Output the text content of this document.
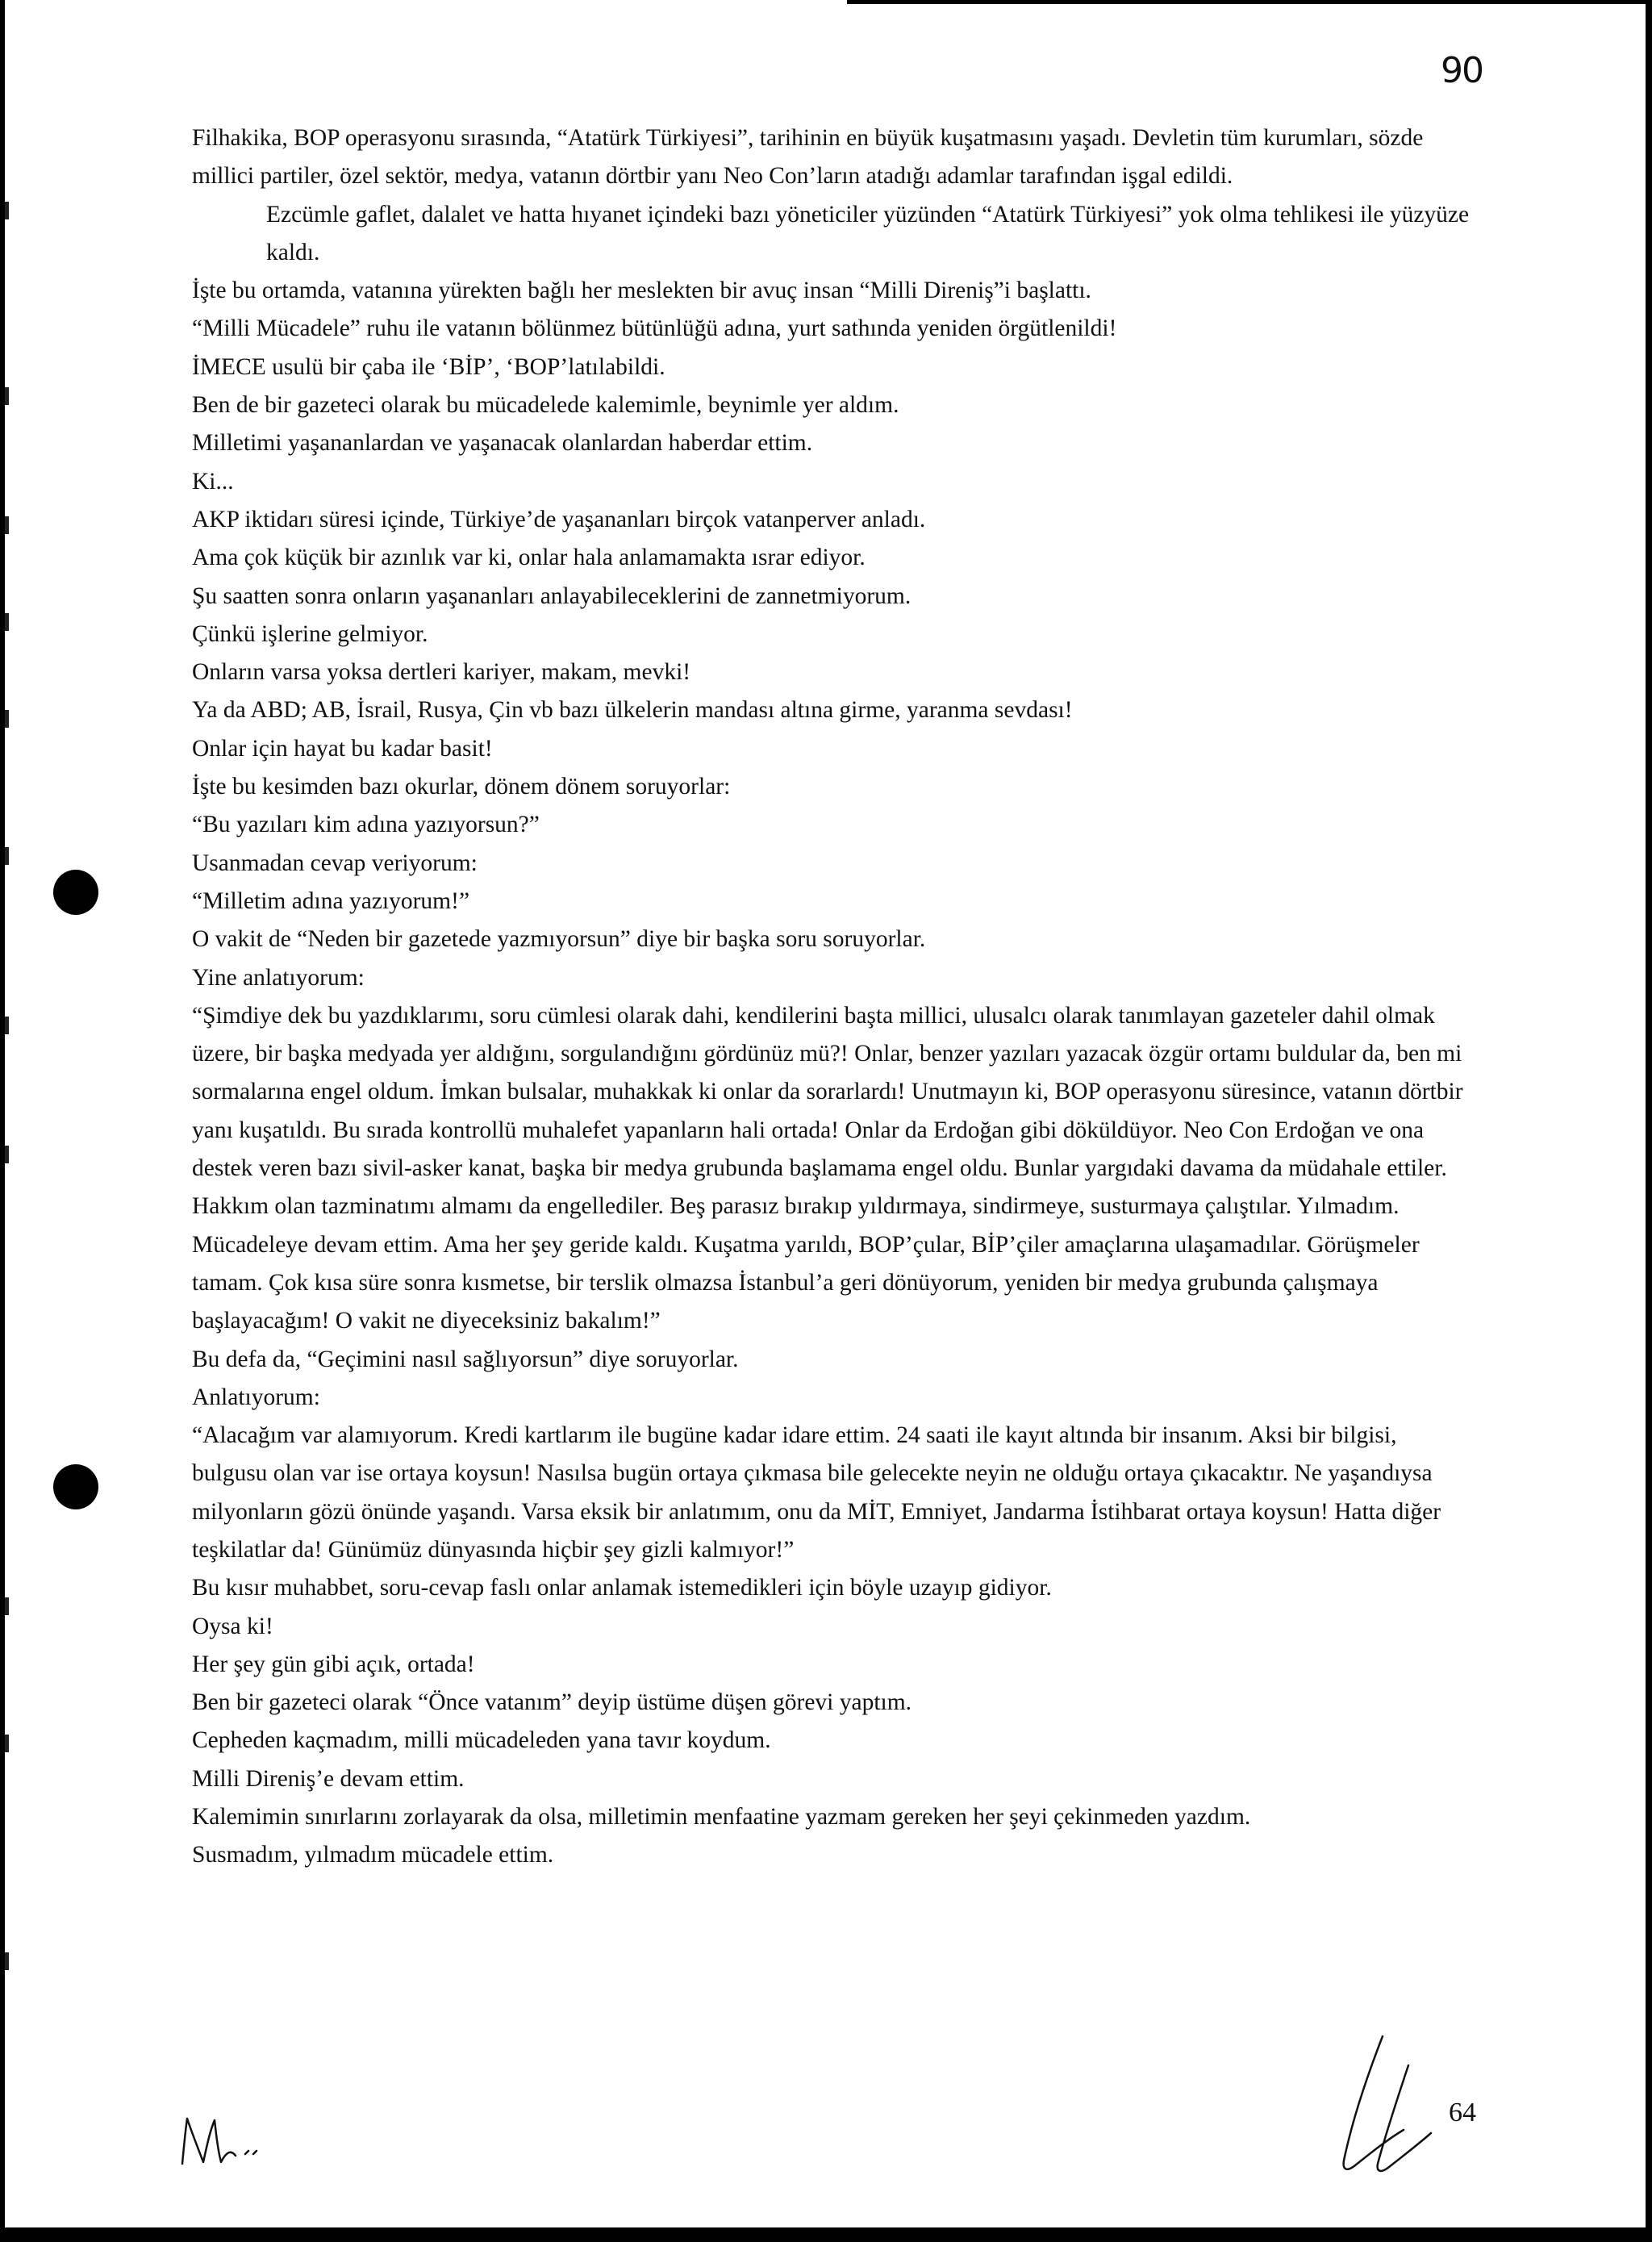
90

Filhakika, BOP operasyonu sırasında, “Atatürk Türkiyesi”, tarihinin en büyük kuşatmasını yaşadı. Devletin tüm kurumları, sözde millici partiler, özel sektör, medya, vatanın dörtbir yanı Neo Con’ların atadığı adamlar tarafından işgal edildi.

Ezcümle gaflet, dalalet ve hatta hıyanet içindeki bazı yöneticiler yüzünden “Atatürk Türkiyesi” yok olma tehlikesi ile yüzyüze kaldı.

İşte bu ortamda, vatanına yürekten bağlı her meslekten bir avuç insan “Milli Direniş”i başlattı.

“Milli Mücadele” ruhu ile vatanın bölünmez bütünlüğü adına, yurt sathında yeniden örgütlenildi!

İMECE usulü bir çaba ile ‘BİP’, ‘BOP’latılabildi.

Ben de bir gazeteci olarak bu mücadelede kalemimle, beynimle yer aldım.

Milletimi yaşananlardan ve yaşanacak olanlardan haberdar ettim.

Ki...

AKP iktidarı süresi içinde, Türkiye’de yaşananları birçok vatanperver anladı.

Ama çok küçük bir azınlık var ki, onlar hala anlamamakta ısrar ediyor.

Şu saatten sonra onların yaşananları anlayabileceklerini de zannetmiyorum.

Çünkü işlerine gelmiyor.

Onların varsa yoksa dertleri kariyer, makam, mevki!

Ya da ABD; AB, İsrail, Rusya, Çin vb bazı ülkelerin mandası altına girme, yaranma sevdası!

Onlar için hayat bu kadar basit!

İşte bu kesimden bazı okurlar, dönem dönem soruyorlar:

“Bu yazıları kim adına yazıyorsun?”

Usanmadan cevap veriyorum:

“Milletim adına yazıyorum!”

O vakit de “Neden bir gazetede yazmıyorsun” diye bir başka soru soruyorlar.

Yine anlatıyorum:

“Şimdiye dek bu yazdıklarımı, soru cümlesi olarak dahi, kendilerini başta millici, ulusalcı olarak tanımlayan gazeteler dahil olmak üzere, bir başka medyada yer aldığını, sorgulandığını gördünüz mü?! Onlar, benzer yazıları yazacak özgür ortamı buldular da, ben mi sormalarına engel oldum. İmkan bulsalar, muhakkak ki onlar da sorarlardı! Unutmayın ki, BOP operasyonu süresince, vatanın dörtbir yanı kuşatıldı. Bu sırada kontrollü muhalefet yapanların hali ortada! Onlar da Erdoğan gibi döküldüyor. Neo Con Erdoğan ve ona destek veren bazı sivil-asker kanat, başka bir medya grubunda başlamama engel oldu. Bunlar yargıdaki davama da müdahale ettiler. Hakkım olan tazminatımı almamı da engellediler. Beş parasız bırakıp yıldırmaya, sindirmeye, susturmaya çalıştılar. Yılmadım. Mücadeleye devam ettim. Ama her şey geride kaldı. Kuşatma yarıldı, BOP’çular, BİP’çiler amaçlarına ulaşamadılar. Görüşmeler tamam. Çok kısa süre sonra kısmetse, bir terslik olmazsa İstanbul’a geri dönüyorum, yeniden bir medya grubunda çalışmaya başlayacağım! O vakit ne diyeceksiniz bakalım!”

Bu defa da, “Geçimini nasıl sağlıyorsun” diye soruyorlar.

Anlatıyorum:

“Alacağım var alamıyorum. Kredi kartlarım ile bugüne kadar idare ettim. 24 saati ile kayıt altında bir insanım. Aksi bir bilgisi, bulgusu olan var ise ortaya koysun! Nasılsa bugün ortaya çıkmasa bile gelecekte neyin ne olduğu ortaya çıkacaktır. Ne yaşandıysa milyonların gözü önünde yaşandı. Varsa eksik bir anlatımım, onu da MİT, Emniyet, Jandarma İstihbarat ortaya koysun! Hatta diğer teşkilatlar da! Günümüz dünyasında hiçbir şey gizli kalmıyor!”

Bu kısır muhabbet, soru-cevap faslı onlar anlamak istemedikleri için böyle uzayıp gidiyor.

Oysa ki!

Her şey gün gibi açık, ortada!

Ben bir gazeteci olarak “Önce vatanım” deyip üstüme düşen görevi yaptım.

Cepheden kaçmadım, milli mücadeleden yana tavır koydum.

Milli Direniş’e devam ettim.

Kalemimin sınırlarını zorlayarak da olsa, milletimin menfaatine yazmam gereken her şeyi çekinmeden yazdım.

Susmadım, yılmadım mücadele ettim.

64
